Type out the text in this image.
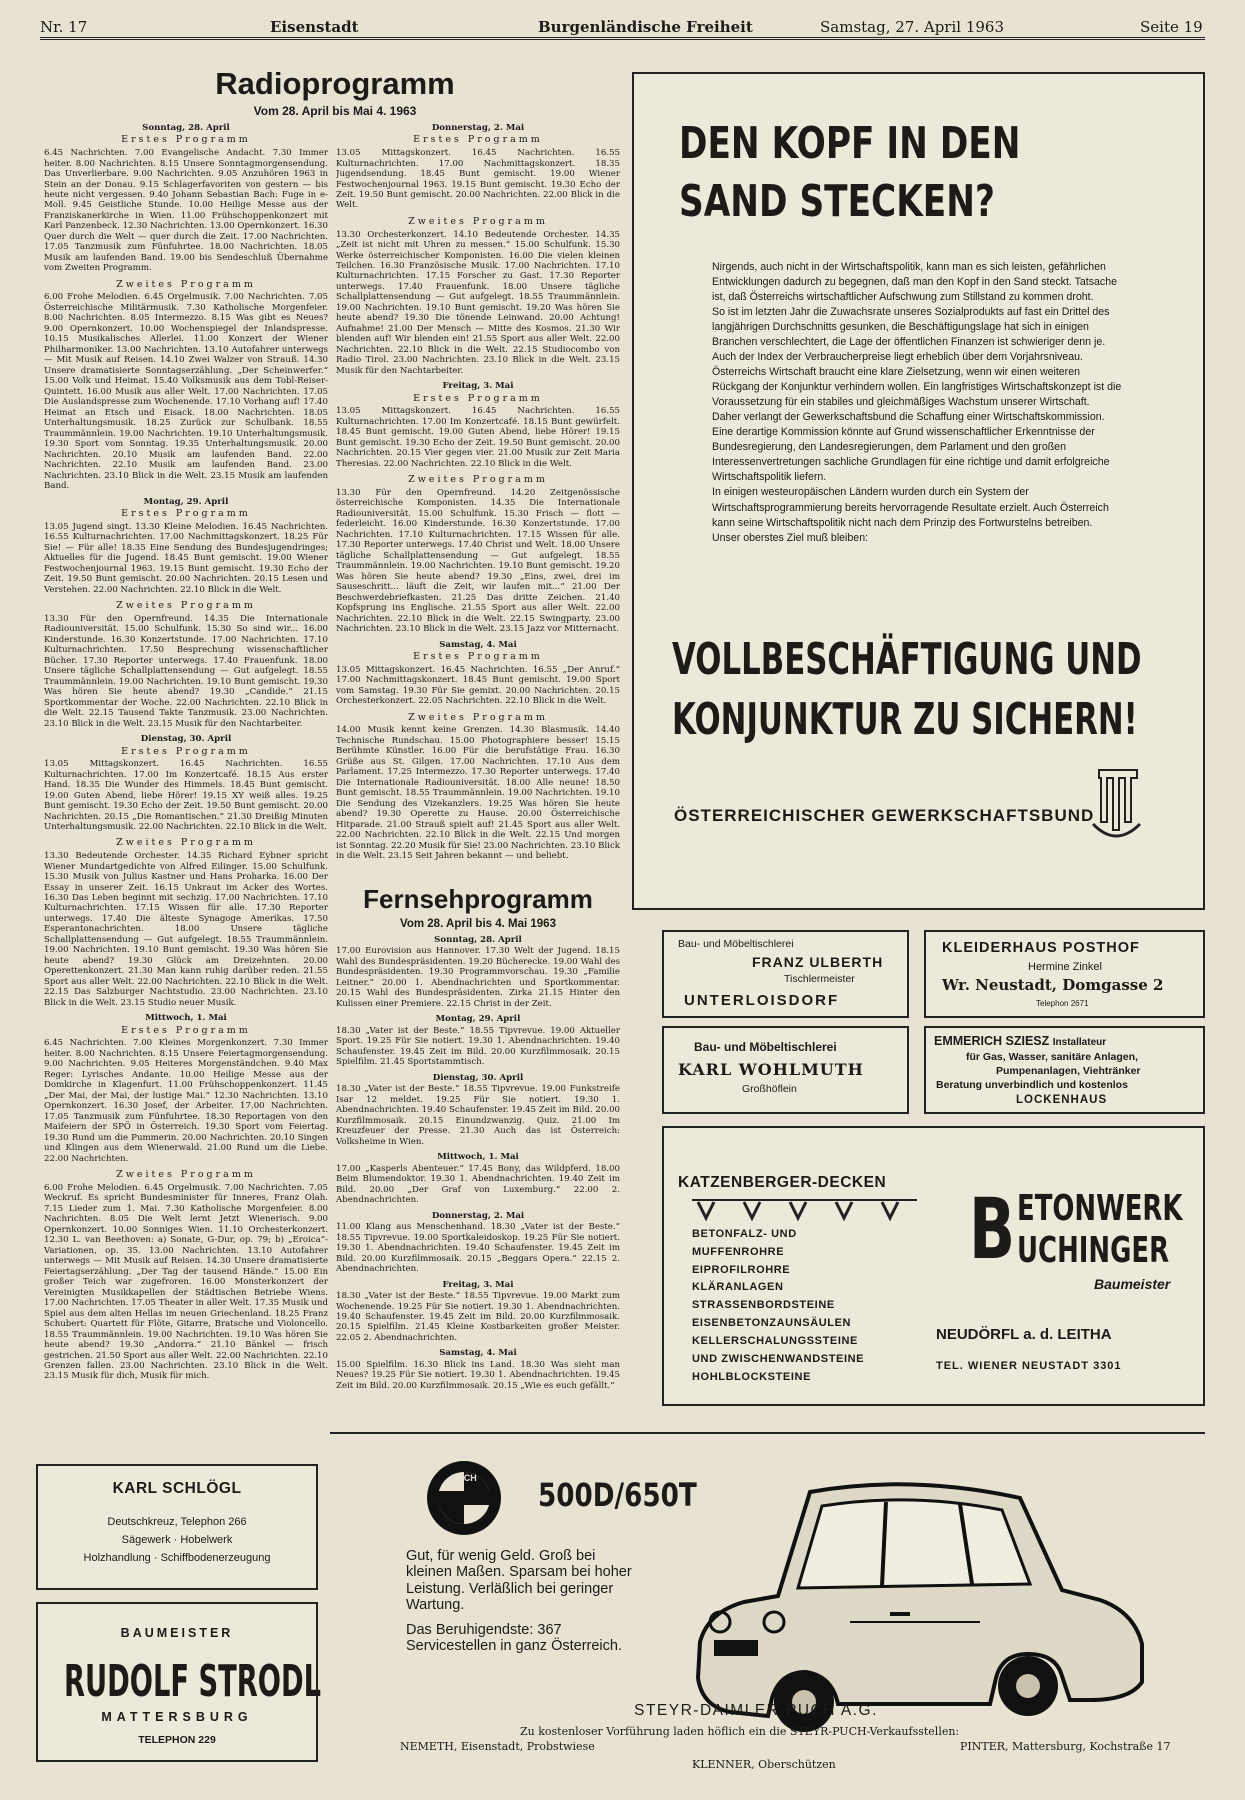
Nr. 17	Eisenstadt	Burgenländische Freiheit	Samstag, 27. April 1963	Seite 19
Radioprogramm
Vom 28. April bis Mai 4. 1963
Sonntag, 28. April
Erstes Programm

6.45 Nachrichten. 7.00 Evangelische Andacht. 7.30 Immer heiter. 8.00 Nachrichten. 8.15 Unsere Sonntagmorgensendung. Das Unverlierbare. 9.00 Nachrichten. 9.05 Anzuhören 1963 in Stein an der Donau. 9.15 Schlagerfavoriten von gestern — bis heute nicht vergessen. 9.40 Johann Sebastian Bach: Fuge in e-Moll. 9.45 Geistliche Stunde. 10.00 Heilige Messe aus der Franziskanerkirche in Wien. 11.00 Frühschoppenkonzert mit Karl Panzenbeck. 12.30 Nachrichten. 13.00 Opernkonzert. 16.30 Quer durch die Welt — quer durch die Zeit. 17.00 Nachrichten. 17.05 Tanzmusik zum Fünfuhrtee. 18.00 Nachrichten. 18.05 Musik am laufenden Band. 19.00 bis Sendeschluß Übernahme vom Zweiten Programm.

Zweites Programm

6.00 Frohe Melodien. 6.45 Orgelmusik. 7.00 Nachrichten. 7.05 Österreichische Militärmusik. 7.30 Katholische Morgenfeier. 8.00 Nachrichten. 8.05 Intermezzo. 8.15 Was gibt es Neues? 9.00 Opernkonzert. 10.00 Wochenspiegel der Inlandspresse. 10.15 Musikalisches Allerlei. 11.00 Konzert der Wiener Philharmoniker. 13.00 Nachrichten. 13.10 Autofahrer unterwegs — Mit Musik auf Reisen. 14.10 Zwei Walzer von Strauß. 14.30 Unsere dramatisierte Sonntagserzählung. „Der Scheinwerfer.“ 15.00 Volk und Heimat. 15.40 Volksmusik aus dem Tobl-Reiser-Quintett. 16.00 Musik aus aller Welt. 17.00 Nachrichten. 17.05 Die Auslandspresse zum Wochenende. 17.10 Vorhang auf! 17.40 Heimat an Etsch und Eisack. 18.00 Nachrichten. 18.05 Unterhaltungsmusik. 18.25 Zurück zur Schulbank. 18.55 Traummännlein. 19.00 Nachrichten. 19.10 Unterhaltungsmusik. 19.30 Sport vom Sonntag. 19.35 Unterhaltungsmusik. 20.00 Nachrichten. 20.10 Musik am laufenden Band. 22.00 Nachrichten. 22.10 Musik am laufenden Band. 23.00 Nachrichten. 23.10 Blick in die Welt. 23.15 Musik am laufenden Band.

Montag, 29. April
Erstes Programm

13.05 Jugend singt. 13.30 Kleine Melodien. 16.45 Nachrichten. 16.55 Kulturnachrichten. 17.00 Nachmittagskonzert. 18.25 Für Sie! — Für alle! 18.35 Eine Sendung des Bundesjugendringes; Aktuelles für die Jugend. 18.45 Bunt gemischt. 19.00 Wiener Festwochenjournal 1963. 19.15 Bunt gemischt. 19.30 Echo der Zeit. 19.50 Bunt gemischt. 20.00 Nachrichten. 20.15 Lesen und Verstehen. 22.00 Nachrichten. 22.10 Blick in die Welt.

Zweites Programm

13.30 Für den Opernfreund. 14.35 Die Internationale Radiouniversität. 15.00 Schulfunk. 15.30 So sind wir... 16.00 Kinderstunde. 16.30 Konzertstunde. 17.00 Nachrichten. 17.10 Kulturnachrichten. 17.50 Besprechung wissenschaftlicher Bücher. 17.30 Reporter unterwegs. 17.40 Frauenfunk. 18.00 Unsere tägliche Schallplattensendung — Gut aufgelegt. 18.55 Traummännlein. 19.00 Nachrichten. 19.10 Bunt gemischt. 19.30 Was hören Sie heute abend? 19.30 „Candide.“ 21.15 Sportkommentar der Woche. 22.00 Nachrichten. 22.10 Blick in die Welt. 22.15 Tausend Takte Tanzmusik. 23.00 Nachrichten. 23.10 Blick in die Welt. 23.15 Musik für den Nachtarbeiter.

Dienstag, 30. April
Erstes Programm

13.05 Mittagskonzert. 16.45 Nachrichten. 16.55 Kulturnachrichten. 17.00 Im Konzertcafé. 18.15 Aus erster Hand. 18.35 Die Wunder des Himmels. 18.45 Bunt gemischt. 19.00 Guten Abend, liebe Hörer! 19.15 XY weiß alles. 19.25 Bunt gemischt. 19.30 Echo der Zeit. 19.50 Bunt gemischt. 20.00 Nachrichten. 20.15 „Die Romantischen.“ 21.30 Dreißig Minuten Unterhaltungsmusik. 22.00 Nachrichten. 22.10 Blick in die Welt.

Zweites Programm

13.30 Bedeutende Orchester. 14.35 Richard Eybner spricht Wiener Mundartgedichte von Alfred Eilinger. 15.00 Schulfunk. 15.30 Musik von Julius Kastner und Hans Proharka. 16.00 Der Essay in unserer Zeit. 16.15 Unkraut im Acker des Wortes. 16.30 Das Leben beginnt mit sechzig. 17.00 Nachrichten. 17.10 Kulturnachrichten. 17.15 Wissen für alle. 17.30 Reporter unterwegs. 17.40 Die älteste Synagoge Amerikas. 17.50 Esperantonachrichten. 18.00 Unsere tägliche Schallplattensendung — Gut aufgelegt. 18.55 Traummännlein. 19.00 Nachrichten. 19.10 Bunt gemischt. 19.30 Was hören Sie heute abend? 19.30 Glück am Dreizehnten. 20.00 Operettenkonzert. 21.30 Man kann ruhig darüber reden. 21.55 Sport aus aller Welt. 22.00 Nachrichten. 22.10 Blick in die Welt. 22.15 Das Salzburger Nachtstudio. 23.00 Nachrichten. 23.10 Blick in die Welt. 23.15 Studio neuer Musik.

Mittwoch, 1. Mai
Erstes Programm

6.45 Nachrichten. 7.00 Kleines Morgenkonzert. 7.30 Immer heiter. 8.00 Nachrichten. 8.15 Unsere Feiertagmorgensendung. 9.00 Nachrichten. 9.05 Heiteres Morgenständchen. 9.40 Max Reger: Lyrisches Andante. 10.00 Heilige Messe aus der Domkirche in Klagenfurt. 11.00 Frühschoppenkonzert. 11.45 „Der Mai, der Mai, der lustige Mai.“ 12.30 Nachrichten. 13.10 Opernkonzert. 16.30 Josef, der Arbeiter. 17.00 Nachrichten. 17.05 Tanzmusik zum Fünfuhrtee. 18.30 Reportagen von den Maifeiern der SPÖ in Österreich. 19.30 Sport vom Feiertag. 19.30 Rund um die Pummerin. 20.00 Nachrichten. 20.10 Singen und Klingen aus dem Wienerwald. 21.00 Rund um die Liebe. 22.00 Nachrichten.

Zweites Programm

6.00 Frohe Melodien. 6.45 Orgelmusik. 7.00 Nachrichten. 7.05 Weckruf. Es spricht Bundesminister für Inneres, Franz Olah. 7.15 Lieder zum 1. Mai. 7.30 Katholische Morgenfeier. 8.00 Nachrichten. 8.05 Die Welt lernt Jetzt Wienerisch. 9.00 Opernkonzert. 10.00 Sonniges Wien. 11.10 Orchesterkonzert. 12.30 L. van Beethoven: a) Sonate, G-Dur, op. 79; b) „Eroica“-Variationen, op. 35. 13.00 Nachrichten. 13.10 Autofahrer unterwegs — Mit Musik auf Reisen. 14.30 Unsere dramatisierte Feiertagserzählung. „Der Tag der tausend Hände.“ 15.00 Ein großer Teich war zugefroren. 16.00 Monsterkonzert der Vereinigten Musikkapellen der Städtischen Betriebe Wiens. 17.00 Nachrichten. 17.05 Theater in aller Welt. 17.35 Musik und Spiel aus dem alten Hellas im neuen Griechenland. 18.25 Franz Schubert: Quartett für Flöte, Gitarre, Bratsche und Violoncello. 18.55 Traummännlein. 19.00 Nachrichten. 19.10 Was hören Sie heute abend? 19.30 „Andorra.“ 21.10 Bänkel — frisch gestrichen. 21.50 Sport aus aller Welt. 22.00 Nachrichten. 22.10 Grenzen fallen. 23.00 Nachrichten. 23.10 Blick in die Welt. 23.15 Musik für dich, Musik für mich.

Donnerstag, 2. Mai
Erstes Programm

13.05 Mittagskonzert. 16.45 Nachrichten. 16.55 Kulturnachrichten. 17.00 Nachmittagskonzert. 18.35 Jugendsendung. 18.45 Bunt gemischt. 19.00 Wiener Festwochenjournal 1963. 19.15 Bunt gemischt. 19.30 Echo der Zeit. 19.50 Bunt gemischt. 20.00 Nachrichten. 22.00 Blick in die Welt.

Zweites Programm

13.30 Orchesterkonzert. 14.10 Bedeutende Orchester. 14.35 „Zeit ist nicht mit Uhren zu messen.“ 15.00 Schulfunk. 15.30 Werke österreichischer Komponisten. 16.00 Die vielen kleinen Teilchen. 16.30 Französische Musik. 17.00 Nachrichten. 17.10 Kulturnachrichten. 17.15 Forscher zu Gast. 17.30 Reporter unterwegs. 17.40 Frauenfunk. 18.00 Unsere tägliche Schallplattensendung — Gut aufgelegt. 18.55 Traummännlein. 19.00 Nachrichten. 19.10 Bunt gemischt. 19.20 Was hören Sie heute abend? 19.30 Die tönende Leinwand. 20.00 Achtung! Aufnahme! 21.00 Der Mensch — Mitte des Kosmos. 21.30 Wir blenden auf! Wir blenden ein! 21.55 Sport aus aller Welt. 22.00 Nachrichten. 22.10 Blick in die Welt. 22.15 Studiocombo von Radio Tirol. 23.00 Nachrichten. 23.10 Blick in die Welt. 23.15 Musik für den Nachtarbeiter.

Freitag, 3. Mai
Erstes Programm

13.05 Mittagskonzert. 16.45 Nachrichten. 16.55 Kulturnachrichten. 17.00 Im Konzertcafé. 18.15 Bunt gewürfelt. 18.45 Bunt gemischt. 19.00 Guten Abend, liebe Hörer! 19.15 Bunt gemischt. 19.30 Echo der Zeit. 19.50 Bunt gemischt. 20.00 Nachrichten. 20.15 Vier gegen vier. 21.00 Musik zur Zeit Maria Theresias. 22.00 Nachrichten. 22.10 Blick in die Welt.

Zweites Programm

13.30 Für den Opernfreund. 14.20 Zeitgenössische österreichische Komponisten. 14.35 Die Internationale Radiouniversität. 15.00 Schulfunk. 15.30 Frisch — flott — federleicht. 16.00 Kinderstunde. 16.30 Konzertstunde. 17.00 Nachrichten. 17.10 Kulturnachrichten. 17.15 Wissen für alle. 17.30 Reporter unterwegs. 17.40 Christ und Welt. 18.00 Unsere tägliche Schallplattensendung — Gut aufgelegt. 18.55 Traummännlein. 19.00 Nachrichten. 19.10 Bunt gemischt. 19.20 Was hören Sie heute abend? 19.30 „Eins, zwei, drei im Sauseschritt... läuft die Zeit, wir laufen mit...“ 21.00 Der Beschwerdebriefkasten. 21.25 Das dritte Zeichen. 21.40 Kopfsprung ins Englische. 21.55 Sport aus aller Welt. 22.00 Nachrichten. 22.10 Blick in die Welt. 22.15 Swingparty. 23.00 Nachrichten. 23.10 Blick in die Welt. 23.15 Jazz vor Mitternacht.

Samstag, 4. Mai
Erstes Programm

13.05 Mittagskonzert. 16.45 Nachrichten. 16.55 „Der Anruf.“ 17.00 Nachmittagskonzert. 18.45 Bunt gemischt. 19.00 Sport vom Samstag. 19.30 Für Sie gemixt. 20.00 Nachrichten. 20.15 Orchesterkonzert. 22.05 Nachrichten. 22.10 Blick in die Welt.

Zweites Programm

14.00 Musik kennt keine Grenzen. 14.30 Blasmusik. 14.40 Technische Rundschau. 15.00 Photographiere besser! 15.15 Berühmte Künstler. 16.00 Für die berufstätige Frau. 16.30 Grüße aus St. Gilgen. 17.00 Nachrichten. 17.10 Aus dem Parlament. 17.25 Intermezzo. 17.30 Reporter unterwegs. 17.40 Die Internationale Radiouniversität. 18.00 Alle neune! 18.50 Bunt gemischt. 18.55 Traummännlein. 19.00 Nachrichten. 19.10 Die Sendung des Vizekanzlers. 19.25 Was hören Sie heute abend? 19.30 Operette zu Hause. 20.00 Österreichische Hitparade. 21.00 Strauß spielt auf! 21.45 Sport aus aller Welt. 22.00 Nachrichten. 22.10 Blick in die Welt. 22.15 Und morgen ist Sonntag. 22.20 Musik für Sie! 23.00 Nachrichten. 23.10 Blick in die Welt. 23.15 Seit Jahren bekannt — und beliebt.

Fernsehprogramm
Vom 28. April bis 4. Mai 1963
Sonntag, 28. April

17.00 Eurovision aus Hannover. 17.30 Welt der Jugend. 18.15 Wahl des Bundespräsidenten. 19.20 Bücherecke. 19.00 Wahl des Bundespräsidenten. 19.30 Programmvorschau. 19.30 „Familie Leitner.“ 20.00 1. Abendnachrichten und Sportkommentar. 20.15 Wahl des Bundespräsidenten. Zirka 21.15 Hinter den Kulissen einer Premiere. 22.15 Christ in der Zeit.

Montag, 29. April

18.30 „Vater ist der Beste.“ 18.55 Tipvrevue. 19.00 Aktueller Sport. 19.25 Für Sie notiert. 19.30 1. Abendnachrichten. 19.40 Schaufenster. 19.45 Zeit im Bild. 20.00 Kurzfilmmosaik. 20.15 Spielfilm. 21.45 Sportstammtisch.

Dienstag, 30. April

18.30 „Vater ist der Beste.“ 18.55 Tipvrevue. 19.00 Funkstreife Isar 12 meldet. 19.25 Für Sie notiert. 19.30 1. Abendnachrichten. 19.40 Schaufenster. 19.45 Zeit im Bild. 20.00 Kurzfilmmosaik. 20.15 Einundzwanzig. Quiz. 21.00 Im Kreuzfeuer der Presse. 21.30 Auch das ist Österreich: Volksheime in Wien.

Mittwoch, 1. Mai

17.00 „Kasperls Abenteuer.“ 17.45 Bony, das Wildpferd. 18.00 Beim Blumendoktor. 19.30 1. Abendnachrichten. 19.40 Zeit im Bild. 20.00 „Der Graf von Luxemburg.“ 22.00 2. Abendnachrichten.

Donnerstag, 2. Mai

11.00 Klang aus Menschenhand. 18.30 „Vater ist der Beste.“ 18.55 Tipvrevue. 19.00 Sportkaleidoskop. 19.25 Für Sie notiert. 19.30 1. Abendnachrichten. 19.40 Schaufenster. 19.45 Zeit im Bild. 20.00 Kurzfilmmosaik. 20.15 „Beggars Opera.“ 22.15 2. Abendnachrichten.

Freitag, 3. Mai

18.30 „Vater ist der Beste.“ 18.55 Tipvrevue. 19.00 Markt zum Wochenende. 19.25 Für Sie notiert. 19.30 1. Abendnachrichten. 19.40 Schaufenster. 19.45 Zeit im Bild. 20.00 Kurzfilmmosaik. 20.15 Spielfilm. 21.45 Kleine Kostbarkeiten großer Meister. 22.05 2. Abendnachrichten.

Samstag, 4. Mai

15.00 Spielfilm. 16.30 Blick ins Land. 18.30 Was sieht man Neues? 19.25 Für Sie notiert. 19.30 1. Abendnachrichten. 19.45 Zeit im Bild. 20.00 Kurzfilmmosaik. 20.15 „Wie es euch gefällt.“

DEN KOPF IN DEN
SAND STECKEN?
Nirgends, auch nicht in der Wirtschaftspolitik, kann man es sich leisten, gefährlichen Entwicklungen dadurch zu begegnen, daß man den Kopf in den Sand steckt. Tatsache ist, daß Österreichs wirtschaftlicher Aufschwung zum Stillstand zu kommen droht.
So ist im letzten Jahr die Zuwachsrate unseres Sozialprodukts auf fast ein Drittel des langjährigen Durchschnitts gesunken, die Beschäftigungslage hat sich in einigen Branchen verschlechtert, die Lage der öffentlichen Finanzen ist schwieriger denn je. Auch der Index der Verbraucherpreise liegt erheblich über dem Vorjahrsniveau.
Österreichs Wirtschaft braucht eine klare Zielsetzung, wenn wir einen weiteren Rückgang der Konjunktur verhindern wollen. Ein langfristiges Wirtschaftskonzept ist die Voraussetzung für ein stabiles und gleichmäßiges Wachstum unserer Wirtschaft.
Daher verlangt der Gewerkschaftsbund die Schaffung einer Wirtschaftskommission. Eine derartige Kommission könnte auf Grund wissenschaftlicher Erkenntnisse der Bundesregierung, den Landesregierungen, dem Parlament und den großen Interessenvertretungen sachliche Grundlagen für eine richtige und damit erfolgreiche Wirtschaftspolitik liefern.
In einigen westeuropäischen Ländern wurden durch ein System der Wirtschaftsprogrammierung bereits hervorragende Resultate erzielt. Auch Österreich kann seine Wirtschaftspolitik nicht nach dem Prinzip des Fortwurstelns betreiben. Unser oberstes Ziel muß bleiben:
VOLLBESCHÄFTIGUNG UND
KONJUNKTUR ZU SICHERN!
ÖSTERREICHISCHER GEWERKSCHAFTSBUND
Bau- und Möbeltischlerei
FRANZ ULBERTH
Tischlermeister
UNTERLOISDORF
KLEIDERHAUS POSTHOF
Hermine Zinkel
Wr. Neustadt, Domgasse 2
Telephon 2671
Bau- und Möbeltischlerei
KARL WOHLMUTH
Großhöflein
EMMERICH SZIESZ Installateur
für Gas, Wasser, sanitäre Anlagen,
Pumpenanlagen, Viehtränker
Beratung unverbindlich und kostenlos
LOCKENHAUS
KATZENBERGER-DECKEN
BETONFALZ- UND
MUFFENROHRE
EIPROFILROHRE
KLÄRANLAGEN
STRASSENBORDSTEINE
EISENBETONZAUNSÄULEN
KELLERSCHALUNGSSTEINE
UND ZWISCHENWANDSTEINE
HOHLBLOCKSTEINE
B ETONWERK
UCHINGER
Baumeister
NEUDÖRFL a. d. LEITHA
TEL. WIENER NEUSTADT 3301
KARL SCHLÖGL
Deutschkreuz, Telephon 266
Sägewerk · Hobelwerk
Holzhandlung · Schiffbodenerzeugung
BAUMEISTER
RUDOLF STRODL
MATTERSBURG
TELEPHON 229
PUCH 500D/650T
Gut, für wenig Geld. Groß bei kleinen Maßen. Sparsam bei hoher Leistung. Verläßlich bei geringer Wartung.
Das Beruhigendste: 367 Servicestellen in ganz Österreich.
STEYR-DAIMLER-PUCH A.G.
Zu kostenloser Vorführung laden höflich ein die STEYR-PUCH-Verkaufsstellen:
NEMETH, Eisenstadt, Probstwiese	PINTER, Mattersburg, Kochstraße 17
KLENNER, Oberschützen
